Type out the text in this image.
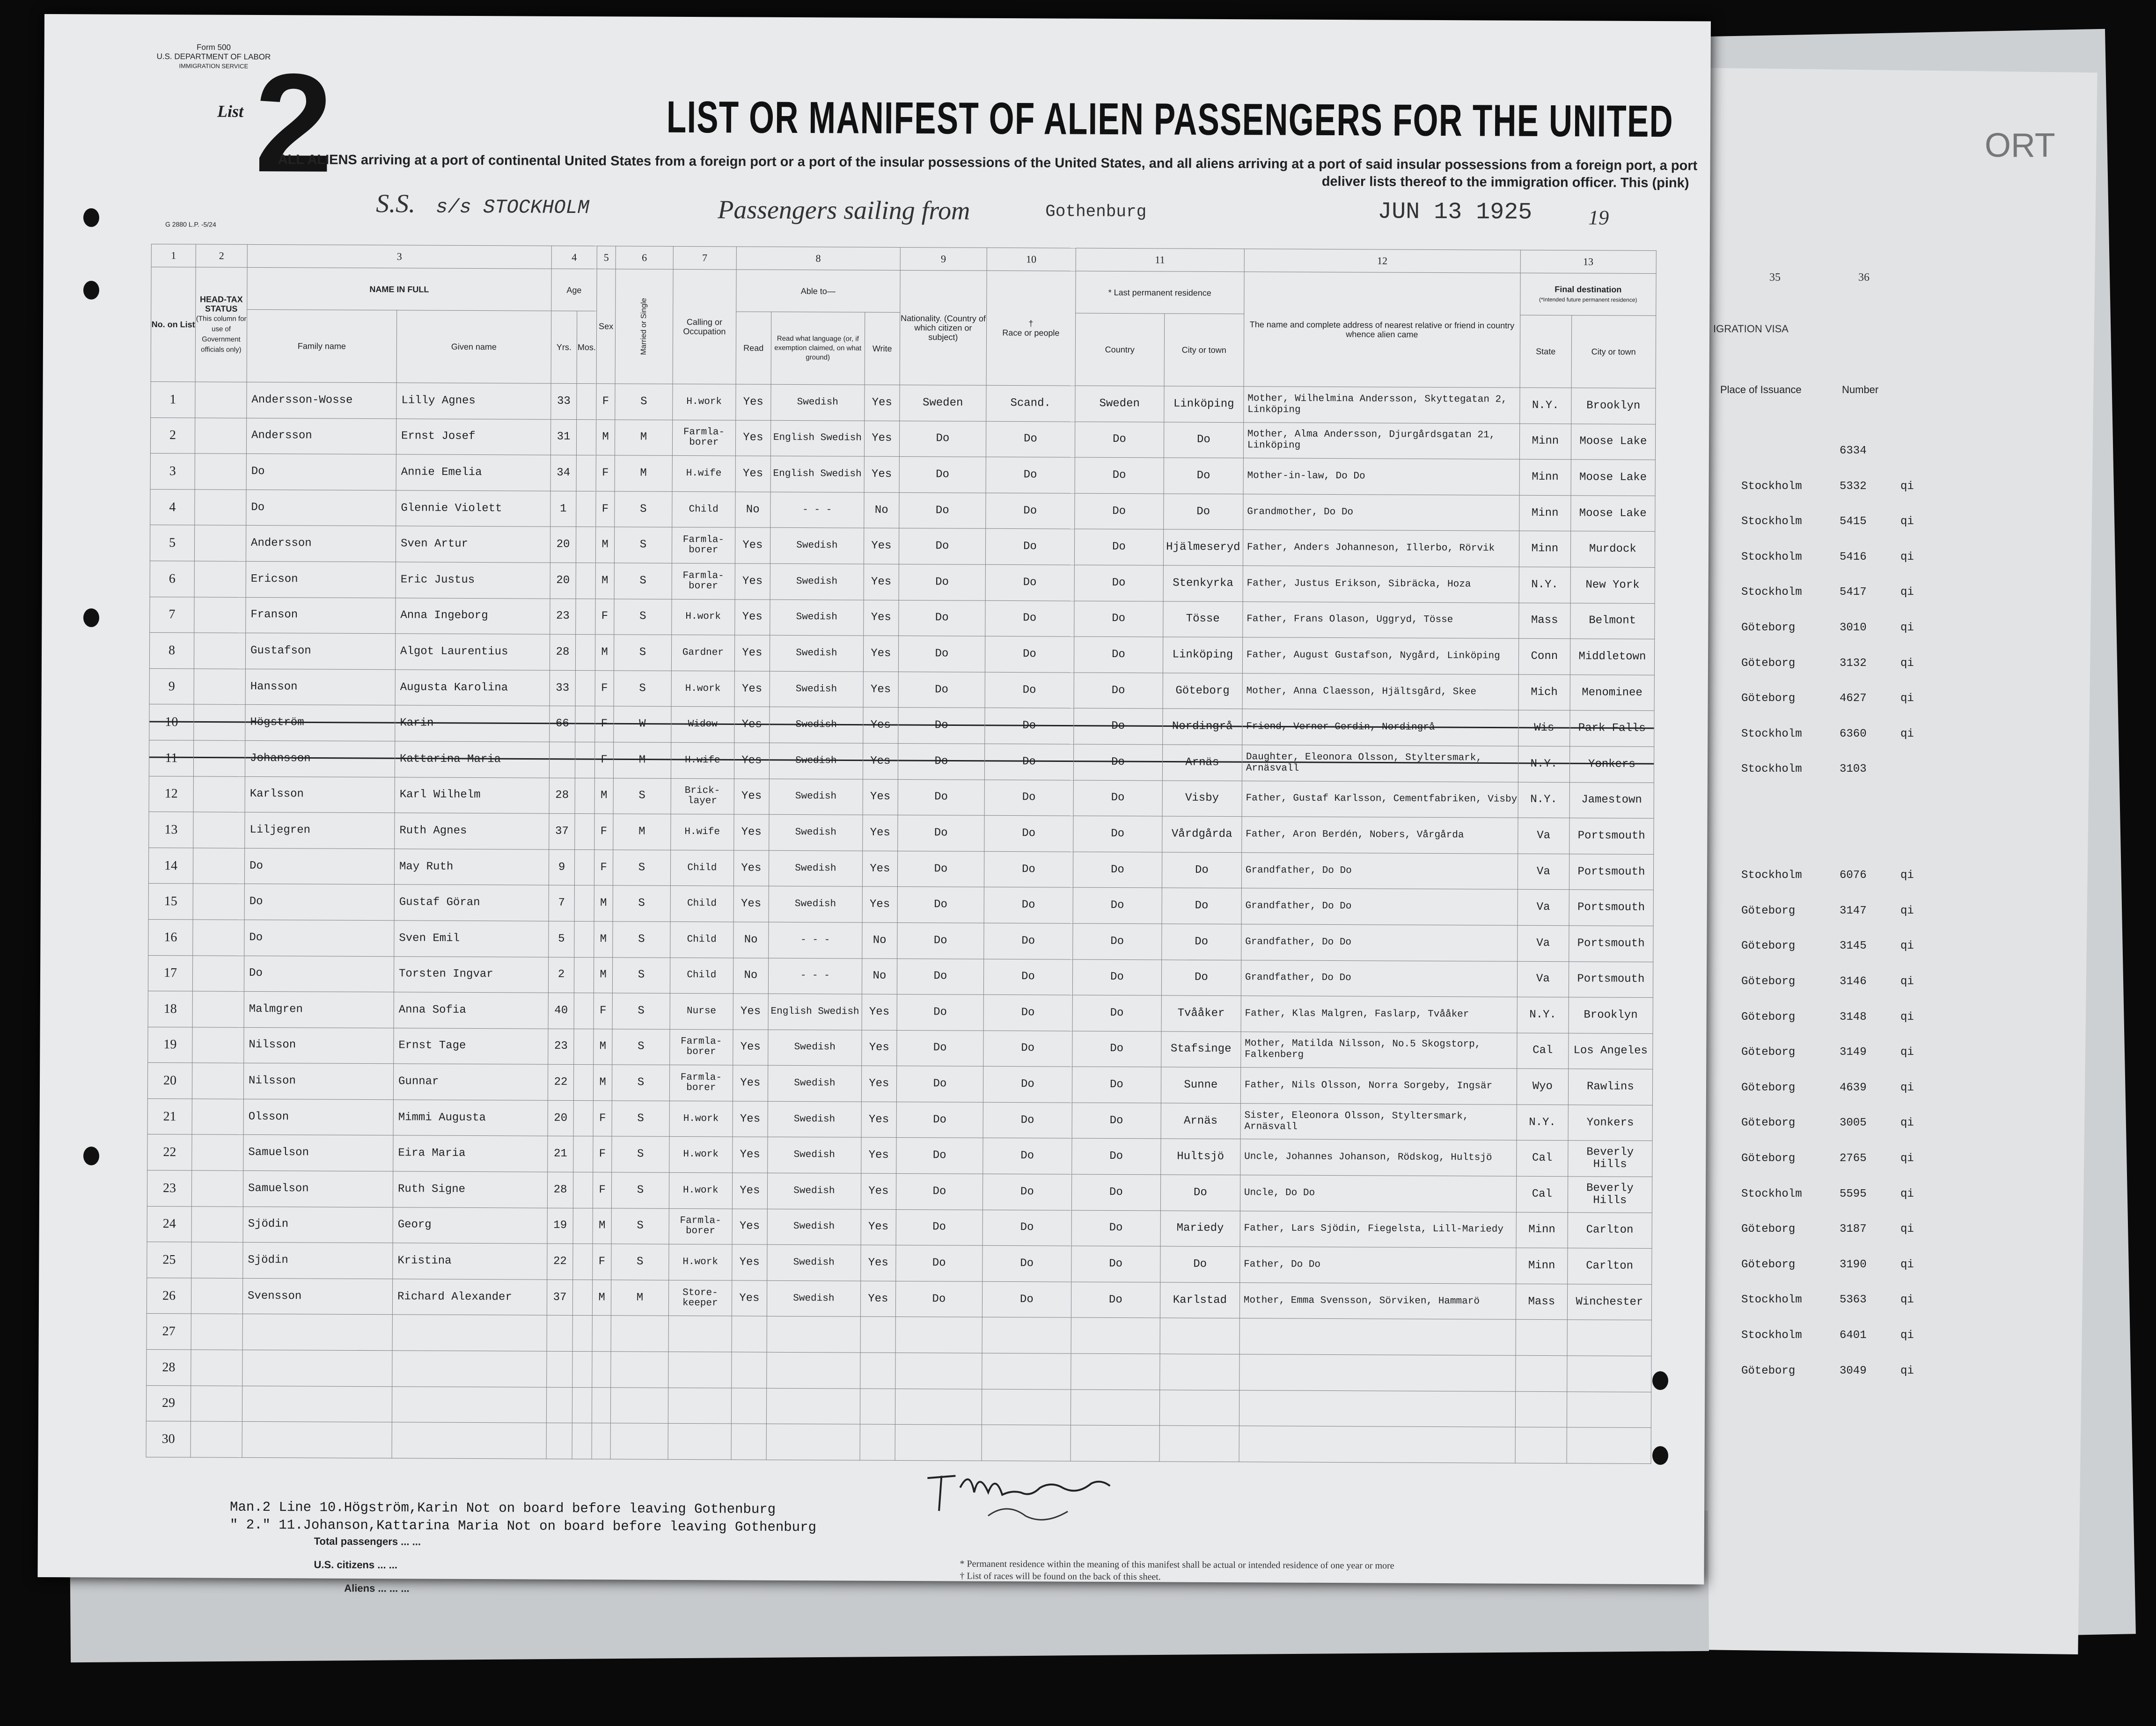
ORT
35	36
IGRATION VISA
Place of Issuance	Number
6334
Stockholm	5332	qi
Stockholm	5415	qi
Stockholm	5416	qi
Stockholm	5417	qi
Göteborg	3010	qi
Göteborg	3132	qi
Göteborg	4627	qi
Stockholm	6360	qi
Stockholm	3103
Stockholm	6076	qi
Göteborg	3147	qi
Göteborg	3145	qi
Göteborg	3146	qi
Göteborg	3148	qi
Göteborg	3149	qi
Göteborg	4639	qi
Göteborg	3005	qi
Göteborg	2765	qi
Stockholm	5595	qi
Göteborg	3187	qi
Göteborg	3190	qi
Stockholm	5363	qi
Stockholm	6401	qi
Göteborg	3049	qi
Form 500
U.S. DEPARTMENT OF LABOR
IMMIGRATION SERVICE
List 2	LIST OR MANIFEST OF ALIEN PASSENGERS FOR THE UNITED
ALL ALIENS arriving at a port of continental United States from a foreign port or a port of the insular possessions of the United States, and all aliens arriving at a port of said insular possessions from a foreign port, a port
deliver lists thereof to the immigration officer. This (pink)
S.S. s/s STOCKHOLM	Passengers sailing from	Gothenburg	JUN 13 1925	19
G 2880 L.P. -5/24
1	2	3		4		5	6	7	8			9	10	11		12	13	
No. on List	HEAD-TAX STATUS
(This column for use of Government officials only)	NAME IN FULL		Age		Sex	Married or Single	Calling or Occupation	Able to—			Nationality. (Country of which citizen or subject)	†
Race or people	* Last permanent residence		The name and complete address of nearest relative or friend in country whence alien came	Final destination
(*Intended future permanent residence)	
		Family name	Given name	Yrs.	Mos.				Read	Read what language (or, if exemption claimed, on what ground)	Write			Country	City or town		State	City or town
1		Andersson-Wosse	Lilly Agnes	33		F	S	H.work	Yes	Swedish	Yes	Sweden	Scand.	Sweden	Linköping	Mother, Wilhelmina Andersson, Skyttegatan 2, Linköping	N.Y.	Brooklyn
2		Andersson	Ernst Josef	31		M	M	Farmla-borer	Yes	English Swedish	Yes	Do	Do	Do	Do	Mother, Alma Andersson, Djurgårdsgatan 21, Linköping	Minn	Moose Lake
3		Do	Annie Emelia	34		F	M	H.wife	Yes	English Swedish	Yes	Do	Do	Do	Do	Mother-in-law, Do Do	Minn	Moose Lake
4		Do	Glennie Violett	1		F	S	Child	No	- - -	No	Do	Do	Do	Do	Grandmother, Do Do	Minn	Moose Lake
5		Andersson	Sven Artur	20		M	S	Farmla-borer	Yes	Swedish	Yes	Do	Do	Do	Hjälmeseryd	Father, Anders Johanneson, Illerbo, Rörvik	Minn	Murdock
6		Ericson	Eric Justus	20		M	S	Farmla-borer	Yes	Swedish	Yes	Do	Do	Do	Stenkyrka	Father, Justus Erikson, Sibräcka, Hoza	N.Y.	New York
7		Franson	Anna Ingeborg	23		F	S	H.work	Yes	Swedish	Yes	Do	Do	Do	Tösse	Father, Frans Olason, Uggryd, Tösse	Mass	Belmont
8		Gustafson	Algot Laurentius	28		M	S	Gardner	Yes	Swedish	Yes	Do	Do	Do	Linköping	Father, August Gustafson, Nygård, Linköping	Conn	Middletown
9		Hansson	Augusta Karolina	33		F	S	H.work	Yes	Swedish	Yes	Do	Do	Do	Göteborg	Mother, Anna Claesson, Hjältsgård, Skee	Mich	Menominee
10		Högström	Karin	66		F	W	Widow	Yes	Swedish	Yes	Do	Do	Do	Nordingrå	Friend, Verner Gerdin, Nordingrå	Wis	Park Falls
11		Johansson	Kattarina Maria			F	M	H.wife	Yes	Swedish	Yes	Do	Do	Do	Arnäs	Daughter, Eleonora Olsson, Styltersmark, Arnäsvall	N.Y.	Yonkers
12		Karlsson	Karl Wilhelm	28		M	S	Brick-layer	Yes	Swedish	Yes	Do	Do	Do	Visby	Father, Gustaf Karlsson, Cementfabriken, Visby	N.Y.	Jamestown
13		Liljegren	Ruth Agnes	37		F	M	H.wife	Yes	Swedish	Yes	Do	Do	Do	Vårdgårda	Father, Aron Berdén, Nobers, Vårgårda	Va	Portsmouth
14		Do	May Ruth	9		F	S	Child	Yes	Swedish	Yes	Do	Do	Do	Do	Grandfather, Do Do	Va	Portsmouth
15		Do	Gustaf Göran	7		M	S	Child	Yes	Swedish	Yes	Do	Do	Do	Do	Grandfather, Do Do	Va	Portsmouth
16		Do	Sven Emil	5		M	S	Child	No	- - -	No	Do	Do	Do	Do	Grandfather, Do Do	Va	Portsmouth
17		Do	Torsten Ingvar	2		M	S	Child	No	- - -	No	Do	Do	Do	Do	Grandfather, Do Do	Va	Portsmouth
18		Malmgren	Anna Sofia	40		F	S	Nurse	Yes	English Swedish	Yes	Do	Do	Do	Tvååker	Father, Klas Malgren, Faslarp, Tvååker	N.Y.	Brooklyn
19		Nilsson	Ernst Tage	23		M	S	Farmla-borer	Yes	Swedish	Yes	Do	Do	Do	Stafsinge	Mother, Matilda Nilsson, No.5 Skogstorp, Falkenberg	Cal	Los Angeles
20		Nilsson	Gunnar	22		M	S	Farmla-borer	Yes	Swedish	Yes	Do	Do	Do	Sunne	Father, Nils Olsson, Norra Sorgeby, Ingsär	Wyo	Rawlins
21		Olsson	Mimmi Augusta	20		F	S	H.work	Yes	Swedish	Yes	Do	Do	Do	Arnäs	Sister, Eleonora Olsson, Styltersmark, Arnäsvall	N.Y.	Yonkers
22		Samuelson	Eira Maria	21		F	S	H.work	Yes	Swedish	Yes	Do	Do	Do	Hultsjö	Uncle, Johannes Johanson, Rödskog, Hultsjö	Cal	Beverly Hills
23		Samuelson	Ruth Signe	28		F	S	H.work	Yes	Swedish	Yes	Do	Do	Do	Do	Uncle, Do Do	Cal	Beverly Hills
24		Sjödin	Georg	19		M	S	Farmla-borer	Yes	Swedish	Yes	Do	Do	Do	Mariedy	Father, Lars Sjödin, Fiegelsta, Lill-Mariedy	Minn	Carlton
25		Sjödin	Kristina	22		F	S	H.work	Yes	Swedish	Yes	Do	Do	Do	Do	Father, Do Do	Minn	Carlton
26		Svensson	Richard Alexander	37		M	M	Store-keeper	Yes	Swedish	Yes	Do	Do	Do	Karlstad	Mother, Emma Svensson, Sörviken, Hammarö	Mass	Winchester
27																		
28																		
29																		
30																		
Man.2 Line 10.Högström,Karin Not on board before leaving Gothenburg
" 2." 11.Johanson,Kattarina Maria Not on board before leaving Gothenburg
Total passengers ... ...
U.S. citizens ... ...
Aliens ... ... ...
* Permanent residence within the meaning of this manifest shall be actual or intended residence of one year or more
† List of races will be found on the back of this sheet.
